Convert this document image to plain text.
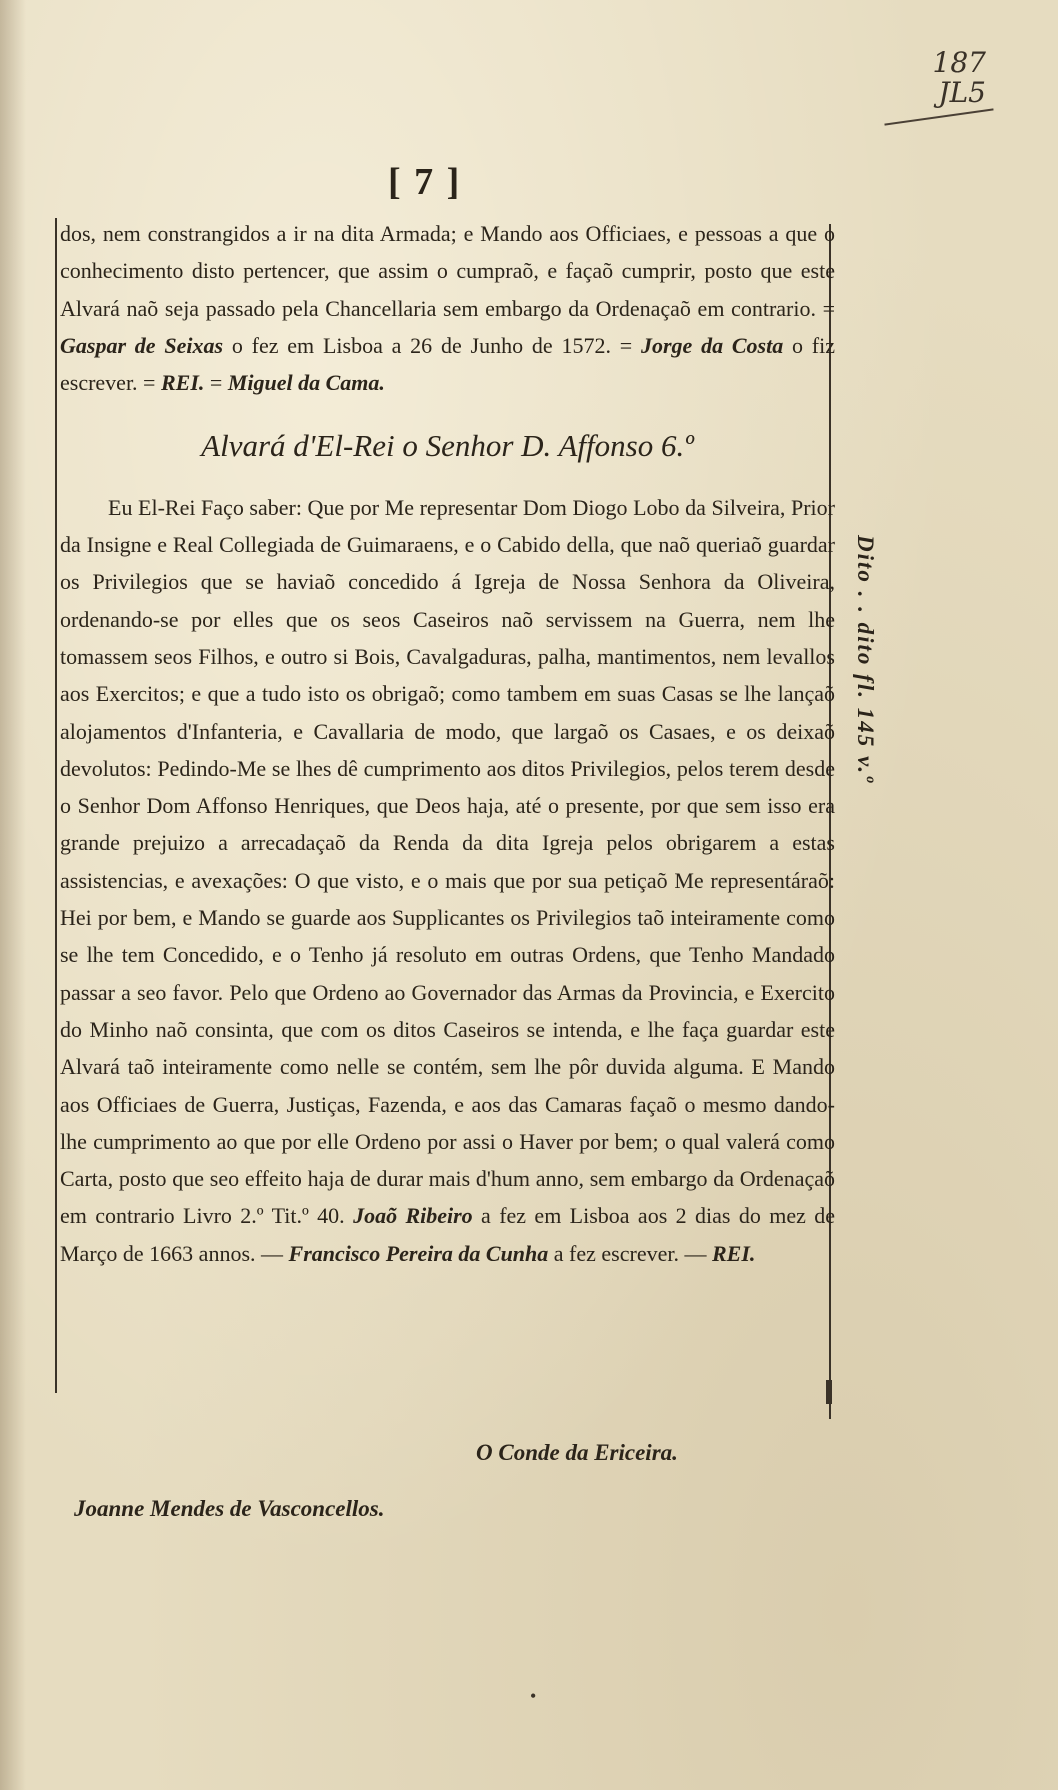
187
JL5
[ 7 ]

dos, nem constrangidos a ir na dita Armada; e Mando aos Officiaes, e pessoas a que o conhecimento disto pertencer, que assim o cumpraõ, e façaõ cumprir, posto que este Alvará naõ seja passado pela Chancellaria sem embargo da Ordenaçaõ em contrario. = Gaspar de Seixas o fez em Lisboa a 26 de Junho de 1572. = Jorge da Costa o fiz escrever. = REI. = Miguel da Cama.

Alvará d'El-Rei o Senhor D. Affonso 6.º

Eu El-Rei Faço saber: Que por Me representar Dom Diogo Lobo da Silveira, Prior da Insigne e Real Collegiada de Guimaraens, e o Cabido della, que naõ queriaõ guardar os Privilegios que se haviaõ concedido á Igreja de Nossa Senhora da Oliveira, ordenando-se por elles que os seos Caseiros naõ servissem na Guerra, nem lhe tomassem seos Filhos, e outro si Bois, Cavalgaduras, palha, mantimentos, nem levallos aos Exercitos; e que a tudo isto os obrigaõ; como tambem em suas Casas se lhe lançaõ alojamentos d'Infanteria, e Cavallaria de modo, que largaõ os Casaes, e os deixaõ devolutos: Pedindo-Me se lhes dê cumprimento aos ditos Privilegios, pelos terem desde o Senhor Dom Affonso Henriques, que Deos haja, até o presente, por que sem isso era grande prejuizo a arrecadaçaõ da Renda da dita Igreja pelos obrigarem a estas assistencias, e avexações: O que visto, e o mais que por sua petiçaõ Me representáraõ: Hei por bem, e Mando se guarde aos Supplicantes os Privilegios taõ inteiramente como se lhe tem Concedido, e o Tenho já resoluto em outras Ordens, que Tenho Mandado passar a seo favor. Pelo que Ordeno ao Governador das Armas da Provincia, e Exercito do Minho naõ consinta, que com os ditos Caseiros se intenda, e lhe faça guardar este Alvará taõ inteiramente como nelle se contém, sem lhe pôr duvida alguma. E Mando aos Officiaes de Guerra, Justiças, Fazenda, e aos das Camaras façaõ o mesmo dando-lhe cumprimento ao que por elle Ordeno por assi o Haver por bem; o qual valerá como Carta, posto que seo effeito haja de durar mais d'hum anno, sem embargo da Ordenaçaõ em contrario Livro 2.º Tit.º 40. Joaõ Ribeiro a fez em Lisboa aos 2 dias do mez de Março de 1663 annos. — Francisco Pereira da Cunha a fez escrever. — REI.

Dito . . dito fl. 145 v.º
O Conde da Ericeira.
Joanne Mendes de Vasconcellos.
•
